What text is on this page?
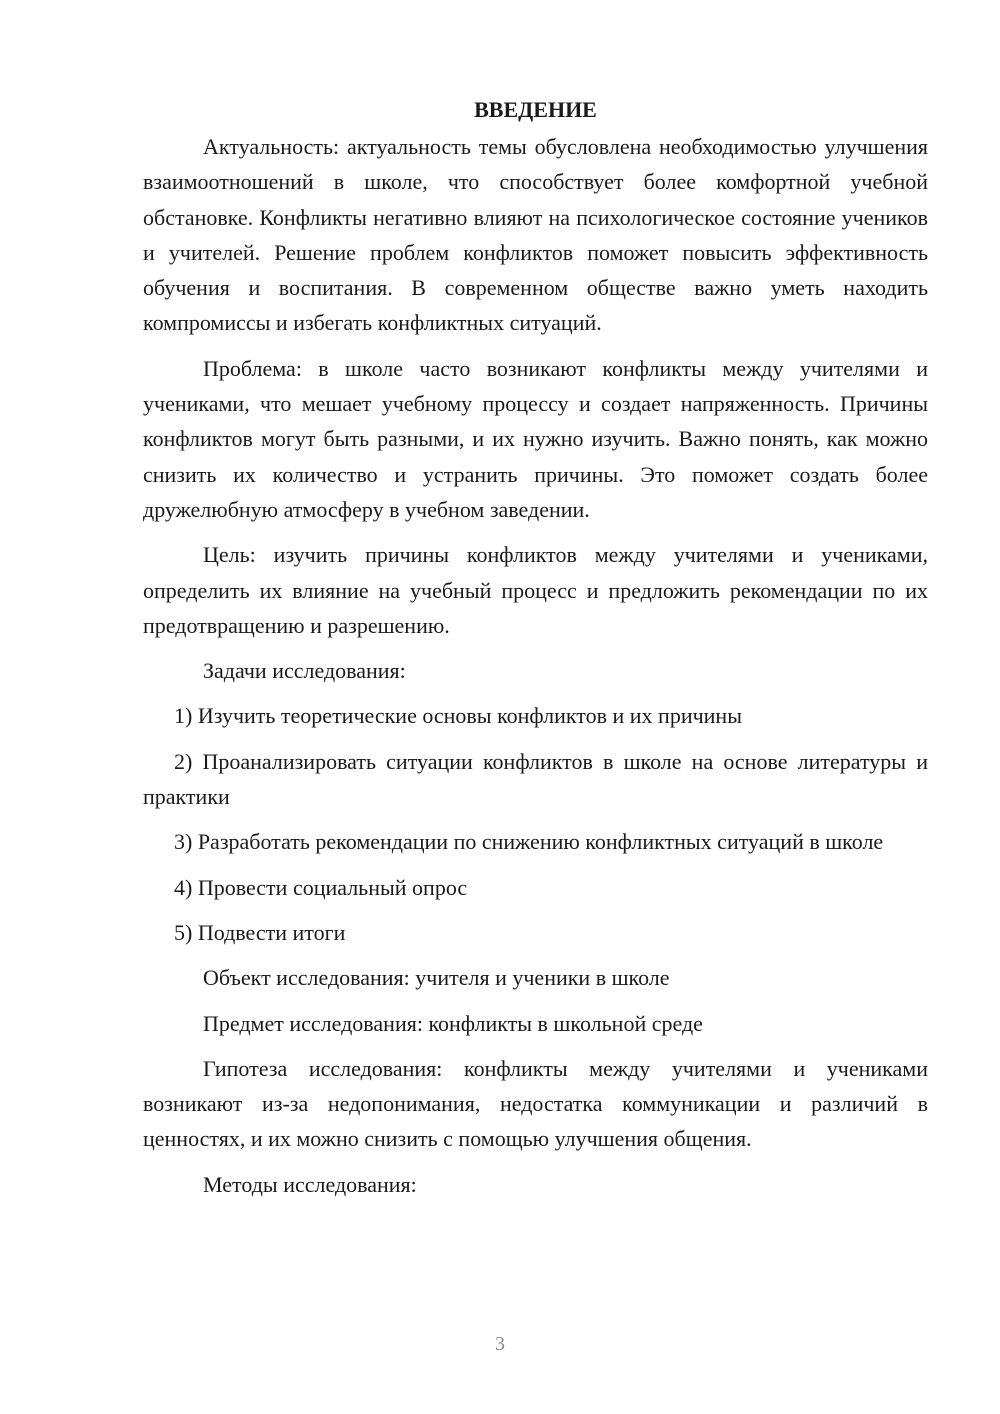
ВВЕДЕНИЕ

Актуальность: актуальность темы обусловлена необходимостью улучшения взаимоотношений в школе, что способствует более комфортной учебной обстановке. Конфликты негативно влияют на психологическое состояние учеников и учителей. Решение проблем конфликтов поможет повысить эффективность обучения и воспитания. В современном обществе важно уметь находить компромиссы и избегать конфликтных ситуаций.

Проблема: в школе часто возникают конфликты между учителями и учениками, что мешает учебному процессу и создает напряженность. Причины конфликтов могут быть разными, и их нужно изучить. Важно понять, как можно снизить их количество и устранить причины. Это поможет создать более дружелюбную атмосферу в учебном заведении.

Цель: изучить причины конфликтов между учителями и учениками, определить их влияние на учебный процесс и предложить рекомендации по их предотвращению и разрешению.

Задачи исследования:

1) Изучить теоретические основы конфликтов и их причины

2) Проанализировать ситуации конфликтов в школе на основе литературы и практики

3) Разработать рекомендации по снижению конфликтных ситуаций в школе

4) Провести социальный опрос

5) Подвести итоги

Объект исследования: учителя и ученики в школе

Предмет исследования: конфликты в школьной среде

Гипотеза исследования: конфликты между учителями и учениками возникают из-за недопонимания, недостатка коммуникации и различий в ценностях, и их можно снизить с помощью улучшения общения.

Методы исследования:

3
